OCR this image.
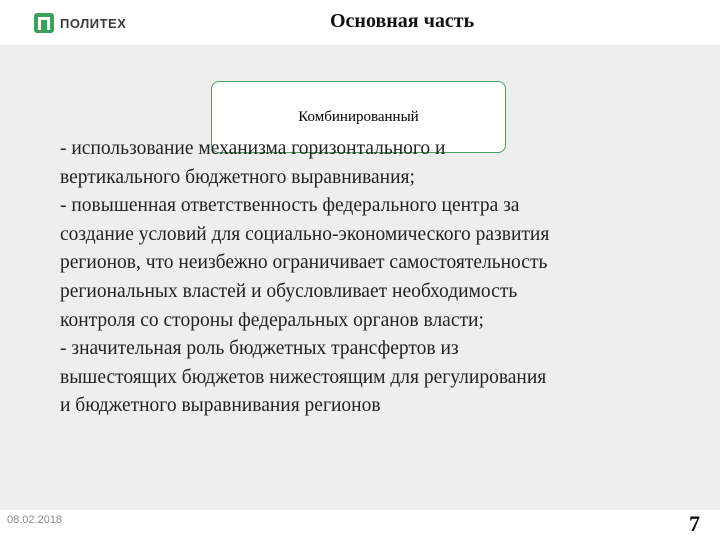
ПОЛИТЕХ	Основная часть
Комбинированный

- использование механизма горизонтального и

вертикального бюджетного выравнивания;

- повышенная ответственность федерального центра за

создание условий для социально-экономического развития

регионов, что неизбежно ограничивает самостоятельность

региональных властей и обусловливает необходимость

контроля со стороны федеральных органов власти;

- значительная роль бюджетных трансфертов из

вышестоящих бюджетов нижестоящим для регулирования

и бюджетного выравнивания регионов

08.02.2018	7
